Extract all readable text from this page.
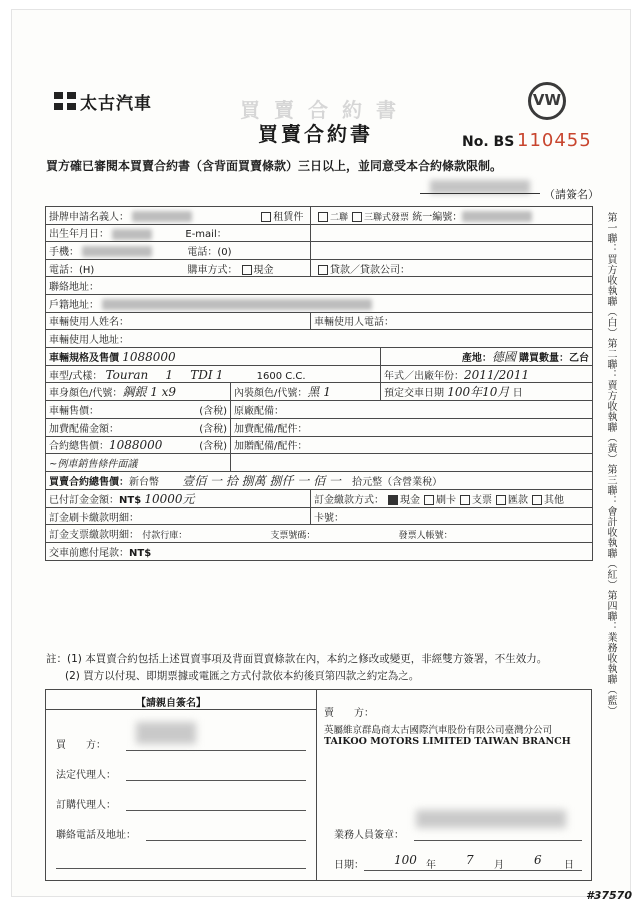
太古汽車	買賣合約書
買賣合約書
VW
No. BS 110455
買方確已審閱本買賣合約書（含背面買賣條款）三日以上，並同意受本合約條款限制。
（請簽名）
掛牌申請名義人： 租賃件		二聯 三聯式發票 統一編號：	
出生年月日： E-mail：			
手機： 電話：(0)			
電話：(H) 購車方式： 現金		貸款／貸款公司：	
聯絡地址：			
戶籍地址：			
車輛使用人姓名：		車輛使用人電話：	
車輛使用人地址：			
車輛規格及售價 1088000			產地：德國 購買數量：乙台
車型/式樣： Touran 1 TDI 1 1600 C.C.			年式／出廠年份：2011/2011
車身顏色/代號：鋼銀 1 x9	內裝顏色/代號：黑 1		預定交車日期 100年10月 日
車輛售價： (含稅)	原廠配備：		
加費配備金額： (含稅)	加費配備/配件：		
合約總售價：1088000 (含稅)	加贈配備/配件：		
~例車銷售條件面議			
買賣合約總售價：新台幣 壹佰 一 拾 捌萬 捌仟 一 佰 一 拾元整（含營業稅）			
已付訂金金額：NT$ 10000元		訂金繳款方式： 現金 刷卡 支票 匯款 其他	
訂金刷卡繳款明細：		卡號：	
訂金支票繳款明細： 付款行庫： 支票號碼： 發票人帳號：			
交車前應付尾款：NT$			
註：(1) 本買賣合約包括上述買賣事項及背面買賣條款在內，本約之修改或變更，非經雙方簽署，不生效力。
(2) 買方以付現、即期票據或電匯之方式付款依本約後頁第四款之約定為之。
【請親自簽名】
買　　方：
法定代理人：
訂購代理人：
聯絡電話及地址：
賣　　方：
英屬維京群島商太古國際汽車股份有限公司臺灣分公司
TAIKOO MOTORS LIMITED TAIWAN BRANCH
業務人員簽章：
日期：	100 年	7 月	6 日
第一聯：買方收執聯（白）第二聯：賣方收執聯（黃）第三聯：會計收執聯（紅）第四聯：業務收執聯（藍）
#37570
